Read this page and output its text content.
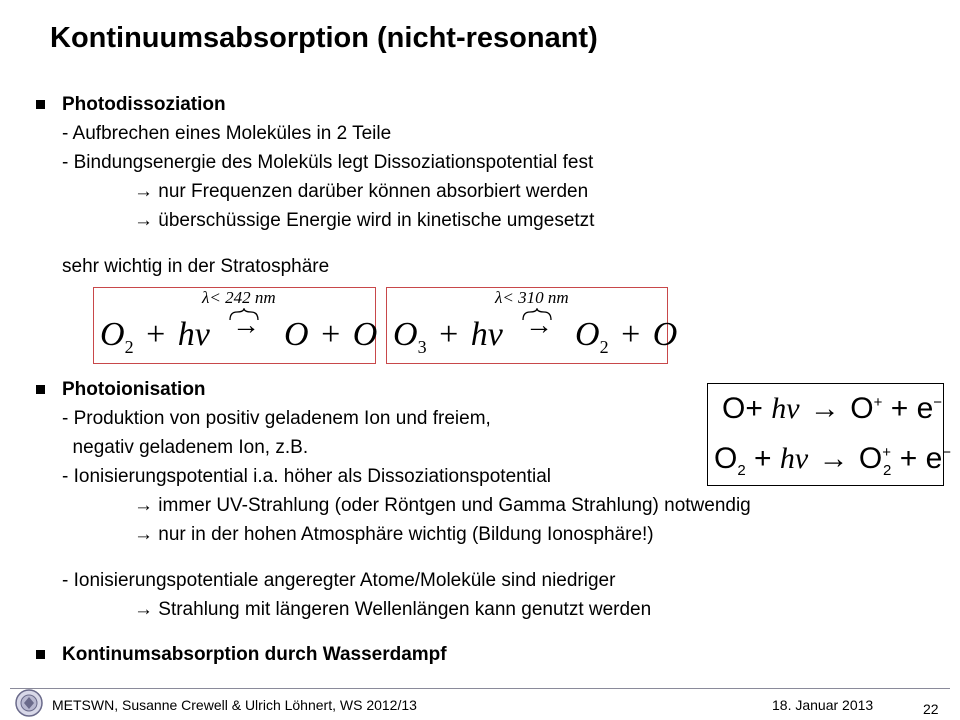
Kontinuumsabsorption (nicht-resonant)
Photodissoziation
- Aufbrechen eines Moleküles in 2 Teile
- Bindungsenergie des Moleküls legt Dissoziationspotential fest
→ nur Frequenzen darüber können absorbiert werden
→ überschüssige Energie wird in kinetische umgesetzt
sehr wichtig in der Stratosphäre
λ< 242 nm
$O_2 + h\nu \to O + O$
λ< 310 nm
$O_3 + h\nu \to O_2 + O$
Photoionisation
- Produktion von positiv geladenem Ion und freiem,
negativ geladenem Ion, z.B.
- Ionisierungspotential i.a. höher als Dissoziationspotential
→ immer UV-Strahlung (oder Röntgen und Gamma Strahlung) notwendig
→ nur in der hohen Atmosphäre wichtig (Bildung Ionosphäre!)
- Ionisierungspotentiale angeregter Atome/Moleküle sind niedriger
→ Strahlung mit längeren Wellenlängen kann genutzt werden
O+ hν → O+ + e−
$O_2 + h\nu \to O^+_2 + e^-$
Kontinumsabsorption durch Wasserdampf
METSWN, Susanne Crewell & Ulrich Löhnert, WS 2012/13	18. Januar 2013	22
